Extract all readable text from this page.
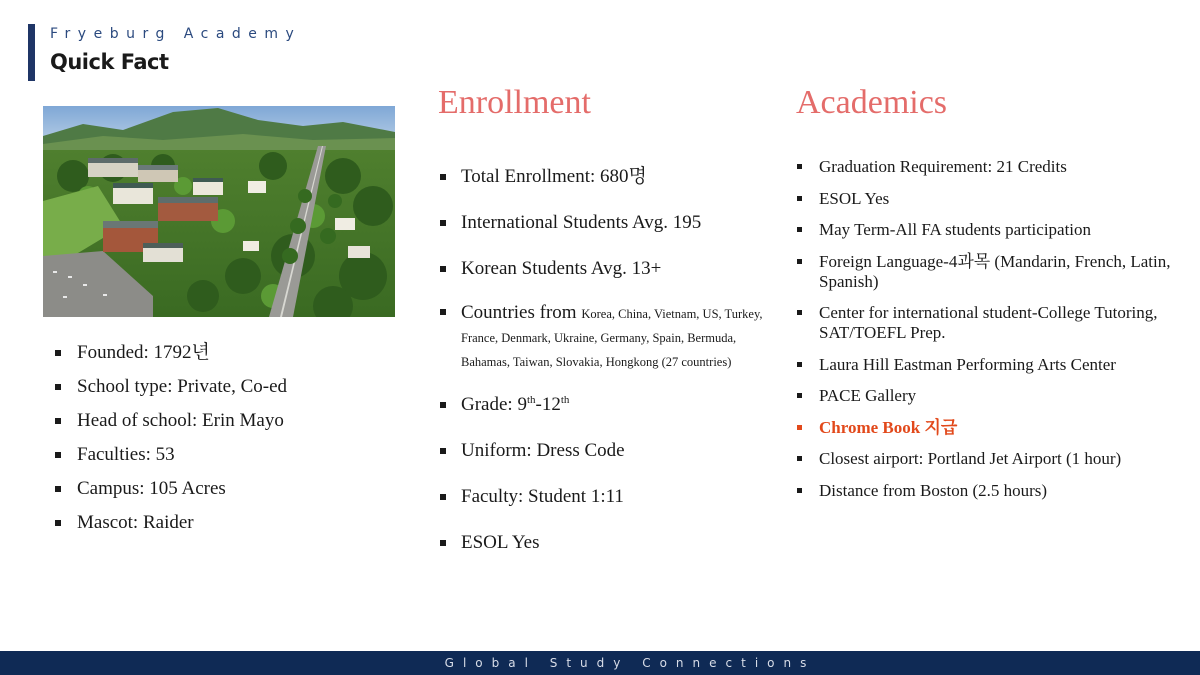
Fryeburg Academy
Quick Fact
Founded: 1792년
School type: Private, Co-ed
Head of school: Erin Mayo
Faculties: 53
Campus: 105 Acres
Mascot: Raider
Enrollment
Total Enrollment: 680명
International Students Avg. 195
Korean Students Avg. 13+
Countries from Korea, China, Vietnam, US, Turkey, France, Denmark, Ukraine, Germany, Spain, Bermuda, Bahamas, Taiwan, Slovakia, Hongkong (27 countries)
Grade: 9th-12th
Uniform: Dress Code
Faculty: Student 1:11
ESOL Yes
Academics
Graduation Requirement: 21 Credits
ESOL Yes
May Term-All FA students participation
Foreign Language-4과목 (Mandarin, French, Latin, Spanish)
Center for international student-College Tutoring, SAT/TOEFL Prep.
Laura Hill Eastman Performing Arts Center
PACE Gallery
Chrome Book 지급
Closest airport: Portland Jet Airport (1 hour)
Distance from Boston (2.5 hours)
Global Study Connections
